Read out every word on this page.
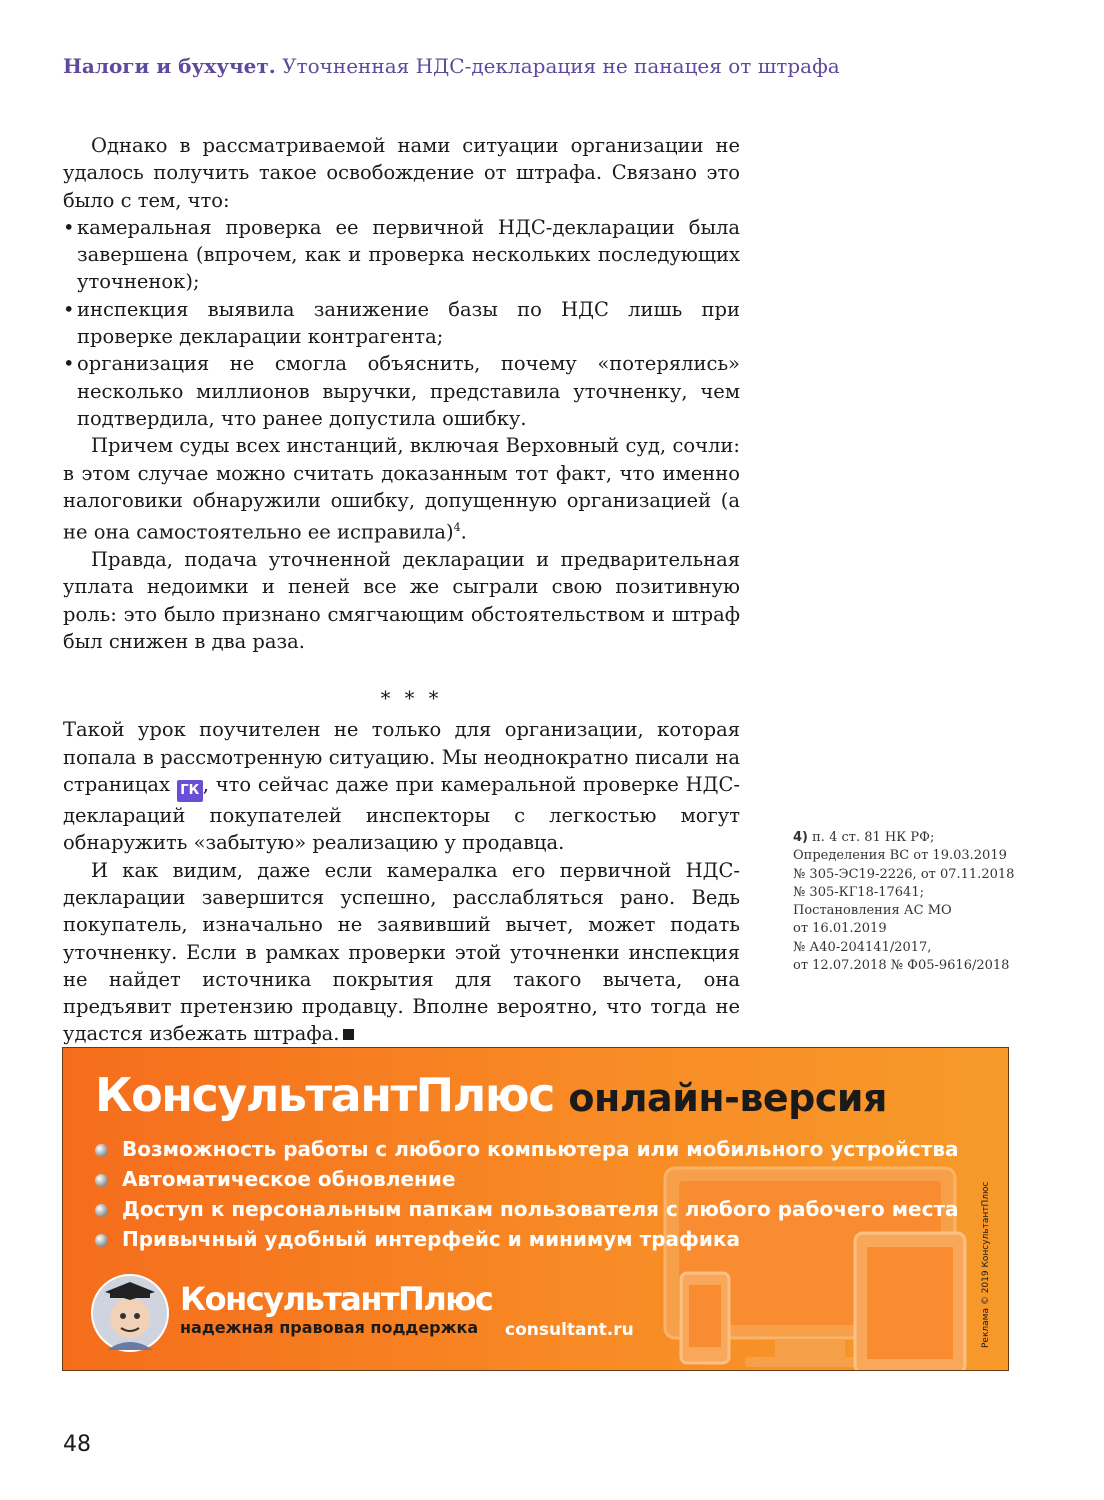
Налоги и бухучет. Уточненная НДС-декларация не панацея от штрафа

Однако в рассматриваемой нами ситуации организации не удалось получить такое освобождение от штрафа. Связано это было с тем, что:

• камеральная проверка ее первичной НДС-декларации была завершена (впрочем, как и проверка нескольких последующих уточненок);
• инспекция выявила занижение базы по НДС лишь при проверке декларации контрагента;
• организация не смогла объяснить, почему «потерялись» несколько миллионов выручки, представила уточненку, чем подтвердила, что ранее допустила ошибку.

Причем суды всех инстанций, включая Верховный суд, сочли: в этом случае можно считать доказанным тот факт, что именно налоговики обнаружили ошибку, допущенную организацией (а не она самостоятельно ее исправила)$^4$.

Правда, подача уточненной декларации и предварительная уплата недоимки и пеней все же сыграли свою позитивную роль: это было признано смягчающим обстоятельством и штраф был снижен в два раза.

* * *

Такой урок поучителен не только для организации, которая попала в рассмотренную ситуацию. Мы неоднократно писали на страницах ГК , что сейчас даже при камеральной проверке НДС-деклараций покупателей инспекторы с легкостью могут обнаружить «забытую» реализацию у продавца.

И как видим, даже если камералка его первичной НДС-декларации завершится успешно, расслабляться рано. Ведь покупатель, изначально не заявивший вычет, может подать уточненку. Если в рамках проверки этой уточненки инспекция не найдет источника покрытия для такого вычета, она предъявит претензию продавцу. Вполне вероятно, что тогда не удастся избежать штрафа.

4) п. 4 ст. 81 НК РФ;
Определения ВС от 19.03.2019
№ 305-ЭС19-2226, от 07.11.2018
№ 305-КГ18-17641;
Постановления АС МО
от 16.01.2019
№ А40-204141/2017,
от 12.07.2018 № Ф05-9616/2018
КонсультантПлюс онлайн-версия
Возможность работы с любого компьютера или мобильного устройства
Автоматическое обновление
Доступ к персональным папкам пользователя с любого рабочего места
Привычный удобный интерфейс и минимум трафика
КонсультантПлюс
надежная правовая поддержка consultant.ru	Реклама © 2019 КонсультантПлюс
48
